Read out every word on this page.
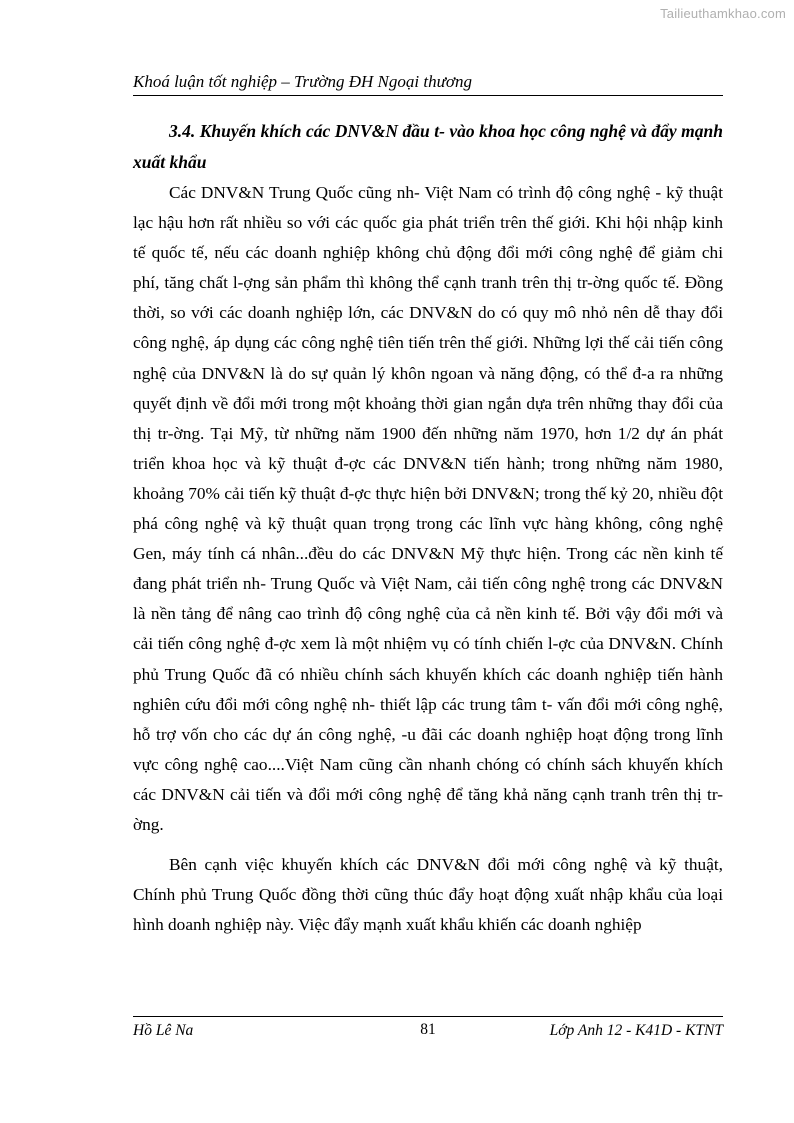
Tailieuthamkhao.com
Khoá luận tốt nghiệp – Trường ĐH Ngoại thương
3.4. Khuyến khích các DNV&N đầu t- vào khoa học công nghệ và đẩy mạnh xuất khẩu

Các DNV&N Trung Quốc cũng nh- Việt Nam có trình độ công nghệ - kỹ thuật lạc hậu hơn rất nhiều so với các quốc gia phát triển trên thế giới. Khi hội nhập kinh tế quốc tế, nếu các doanh nghiệp không chủ động đổi mới công nghệ để giảm chi phí, tăng chất l-ợng sản phẩm thì không thể cạnh tranh trên thị tr-ờng quốc tế. Đồng thời, so với các doanh nghiệp lớn, các DNV&N do có quy mô nhỏ nên dễ thay đổi công nghệ, áp dụng các công nghệ tiên tiến trên thế giới. Những lợi thế cải tiến công nghệ của DNV&N là do sự quản lý khôn ngoan và năng động, có thể đ-a ra những quyết định về đổi mới trong một khoảng thời gian ngắn dựa trên những thay đổi của thị tr-ờng. Tại Mỹ, từ những năm 1900 đến những năm 1970, hơn 1/2 dự án phát triển khoa học và kỹ thuật đ-ợc các DNV&N tiến hành; trong những năm 1980, khoảng 70% cải tiến kỹ thuật đ-ợc thực hiện bởi DNV&N; trong thế kỷ 20, nhiều đột phá công nghệ và kỹ thuật quan trọng trong các lĩnh vực hàng không, công nghệ Gen, máy tính cá nhân...đều do các DNV&N Mỹ thực hiện. Trong các nền kinh tế đang phát triển nh- Trung Quốc và Việt Nam, cải tiến công nghệ trong các DNV&N là nền tảng để nâng cao trình độ công nghệ của cả nền kinh tế. Bởi vậy đổi mới và cải tiến công nghệ đ-ợc xem là một nhiệm vụ có tính chiến l-ợc của DNV&N. Chính phủ Trung Quốc đã có nhiều chính sách khuyến khích các doanh nghiệp tiến hành nghiên cứu đổi mới công nghệ nh- thiết lập các trung tâm t- vấn đổi mới công nghệ, hỗ trợ vốn cho các dự án công nghệ, -u đãi các doanh nghiệp hoạt động trong lĩnh vực công nghệ cao....Việt Nam cũng cần nhanh chóng có chính sách khuyến khích các DNV&N cải tiến và đổi mới công nghệ để tăng khả năng cạnh tranh trên thị tr-ờng.

Bên cạnh việc khuyến khích các DNV&N đổi mới công nghệ và kỹ thuật, Chính phủ Trung Quốc đồng thời cũng thúc đẩy hoạt động xuất nhập khẩu của loại hình doanh nghiệp này. Việc đẩy mạnh xuất khẩu khiến các doanh nghiệp

Hồ Lê Na	81	Lớp Anh 12 - K41D - KTNT
